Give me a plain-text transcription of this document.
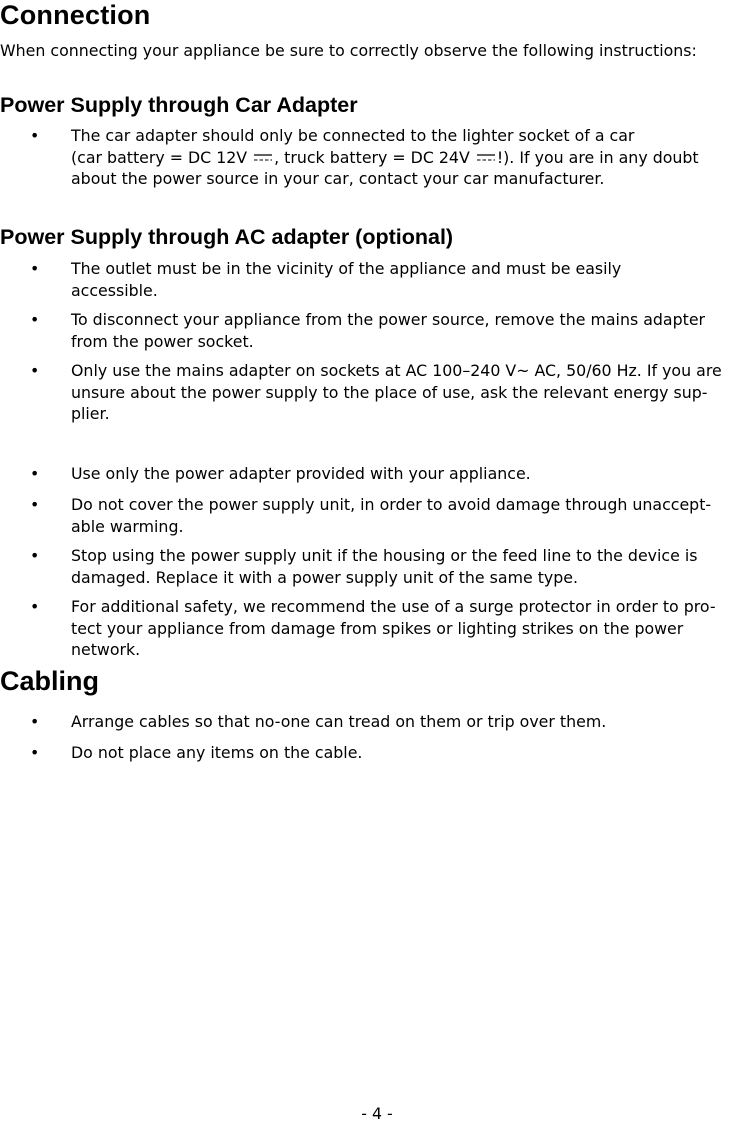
Connection

When connecting your appliance be sure to correctly observe the following instructions:

Power Supply through Car Adapter
• The car adapter should only be connected to the lighter socket of a car
(car battery = DC 12V
, truck battery = DC 24V
!). If you are in any doubt
about the power source in your car, contact your car manufacturer.

Power Supply through AC adapter (optional)
• The outlet must be in the vicinity of the appliance and must be easily
accessible.

• To disconnect your appliance from the power source, remove the mains adapter
from the power socket.

• Only use the mains adapter on sockets at AC 100–240 V~ AC, 50/60 Hz. If you are
unsure about the power supply to the place of use, ask the relevant energy sup-
plier.

• Use only the power adapter provided with your appliance.

• Do not cover the power supply unit, in order to avoid damage through unaccept-
able warming.

• Stop using the power supply unit if the housing or the feed line to the device is
damaged. Replace it with a power supply unit of the same type.

• For additional safety, we recommend the use of a surge protector in order to pro-
tect your appliance from damage from spikes or lighting strikes on the power
network.

Cabling
• Arrange cables so that no-one can tread on them or trip over them.

• Do not place any items on the cable.

- 4 -
